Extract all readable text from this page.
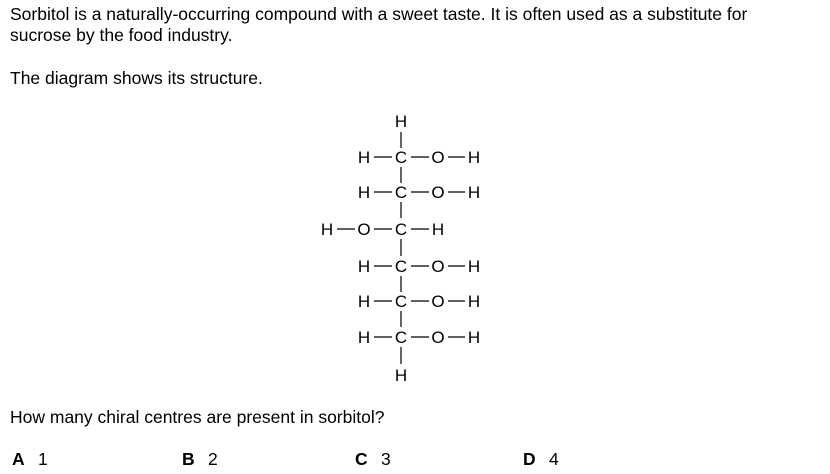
Sorbitol is a naturally-occurring compound with a sweet taste. It is often used as a substitute for

sucrose by the food industry.

The diagram shows its structure.

H
H C O H
H C O H
H O C H
H C O H
H C O H
H C O H
H

How many chiral centres are present in sorbitol?

A 1	B 2	C 3	D 4
